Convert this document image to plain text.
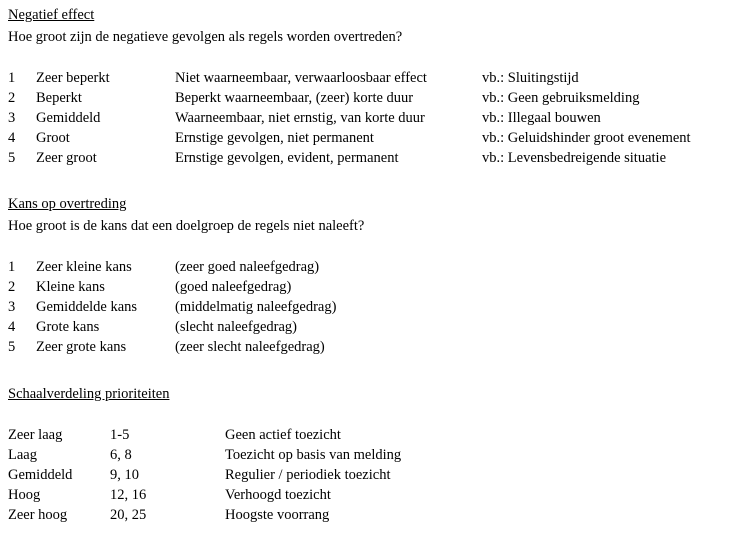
Negatief effect
Hoe groot zijn de negatieve gevolgen als regels worden overtreden?
1	Zeer beperkt	Niet waarneembaar, verwaarloosbaar effect	vb.: Sluitingstijd
2	Beperkt	Beperkt waarneembaar, (zeer) korte duur	vb.: Geen gebruiksmelding
3	Gemiddeld	Waarneembaar, niet ernstig, van korte duur	vb.: Illegaal bouwen
4	Groot	Ernstige gevolgen, niet permanent	vb.: Geluidshinder groot evenement
5	Zeer groot	Ernstige gevolgen, evident, permanent	vb.: Levensbedreigende situatie
Kans op overtreding
Hoe groot is de kans dat een doelgroep de regels niet naleeft?
1	Zeer kleine kans	(zeer goed naleefgedrag)
2	Kleine kans	(goed naleefgedrag)
3	Gemiddelde kans	(middelmatig naleefgedrag)
4	Grote kans	(slecht naleefgedrag)
5	Zeer grote kans	(zeer slecht naleefgedrag)
Schaalverdeling prioriteiten
Zeer laag	1-5	Geen actief toezicht
Laag	6, 8	Toezicht op basis van melding
Gemiddeld	9, 10	Regulier / periodiek toezicht
Hoog	12, 16	Verhoogd toezicht
Zeer hoog	20, 25	Hoogste voorrang
